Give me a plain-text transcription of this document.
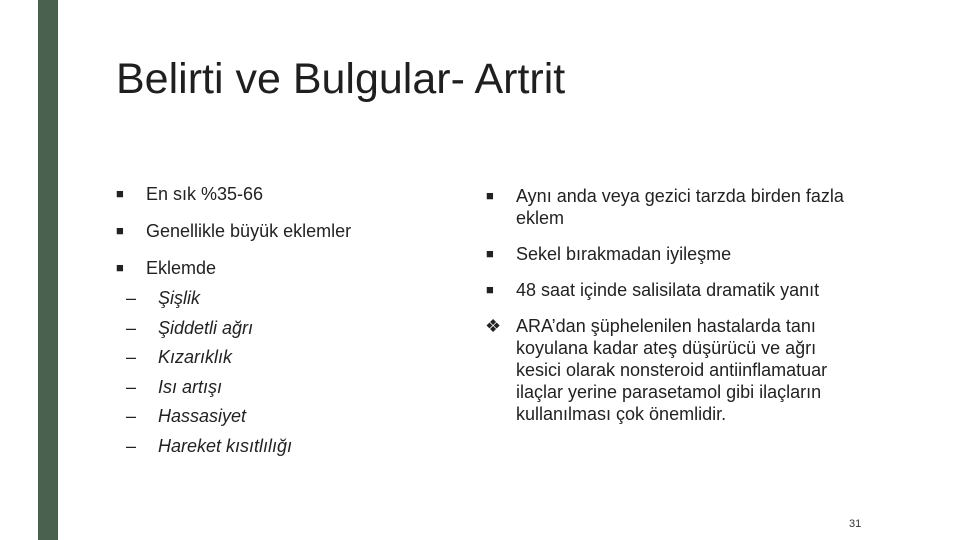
Belirti ve Bulgular- Artrit
■	En sık %35-66
■	Genellikle büyük eklemler
■	Eklemde
– Şişlik
– Şiddetli ağrı
– Kızarıklık
– Isı artışı
– Hassasiyet
– Hareket kısıtlılığı
■	Aynı anda veya gezici tarzda birden fazla eklem
■	Sekel bırakmadan iyileşme
■	48 saat içinde salisilata dramatik yanıt
❖ ARA’dan şüphelenilen hastalarda tanı koyulana kadar ateş düşürücü ve ağrı kesici olarak nonsteroid antiinflamatuar ilaçlar yerine parasetamol gibi ilaçların kullanılması çok önemlidir.
31
